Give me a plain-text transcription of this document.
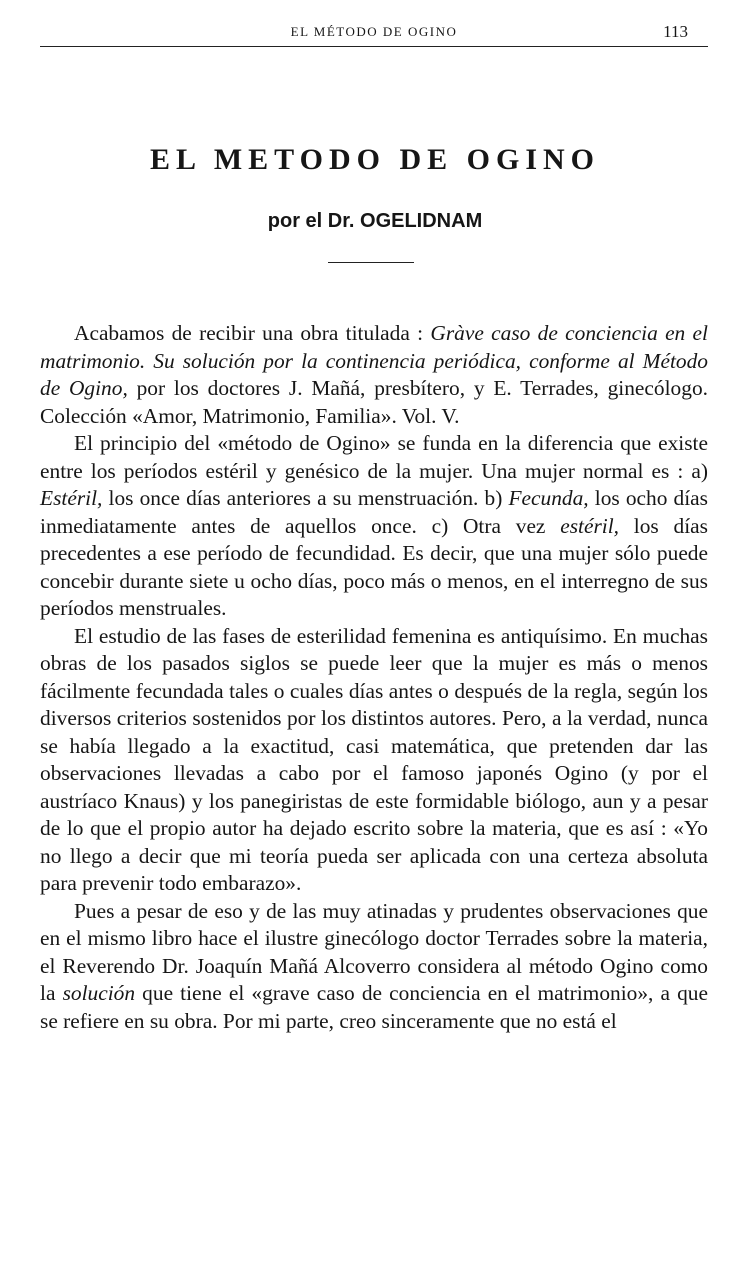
EL MÉTODO DE OGINO	113
EL METODO DE OGINO

por el Dr. OGELIDNAM

Acabamos de recibir una obra titulada : Gràve caso de conciencia en el matrimonio. Su solución por la continencia periódica, conforme al Método de Ogino, por los doctores J. Mañá, presbítero, y E. Terrades, ginecólogo. Colección «Amor, Matrimonio, Familia». Vol. V.

El principio del «método de Ogino» se funda en la diferencia que existe entre los períodos estéril y genésico de la mujer. Una mujer normal es : a) Estéril, los once días anteriores a su menstruación. b) Fecunda, los ocho días inmediatamente antes de aquellos once. c) Otra vez estéril, los días precedentes a ese período de fecundidad. Es decir, que una mujer sólo puede concebir durante siete u ocho días, poco más o menos, en el interregno de sus períodos menstruales.

El estudio de las fases de esterilidad femenina es antiquísimo. En muchas obras de los pasados siglos se puede leer que la mujer es más o menos fácilmente fecundada tales o cuales días antes o después de la regla, según los diversos criterios sostenidos por los distintos autores. Pero, a la verdad, nunca se había llegado a la exactitud, casi matemática, que pretenden dar las observaciones llevadas a cabo por el famoso japonés Ogino (y por el austríaco Knaus) y los panegiristas de este formidable biólogo, aun y a pesar de lo que el propio autor ha dejado escrito sobre la materia, que es así : «Yo no llego a decir que mi teoría pueda ser aplicada con una certeza absoluta para prevenir todo embarazo».

Pues a pesar de eso y de las muy atinadas y prudentes observaciones que en el mismo libro hace el ilustre ginecólogo doctor Terrades sobre la materia, el Reverendo Dr. Joaquín Mañá Alcoverro considera al método Ogino como la solución que tiene el «grave caso de conciencia en el matrimonio», a que se refiere en su obra. Por mi parte, creo sinceramente que no está el
